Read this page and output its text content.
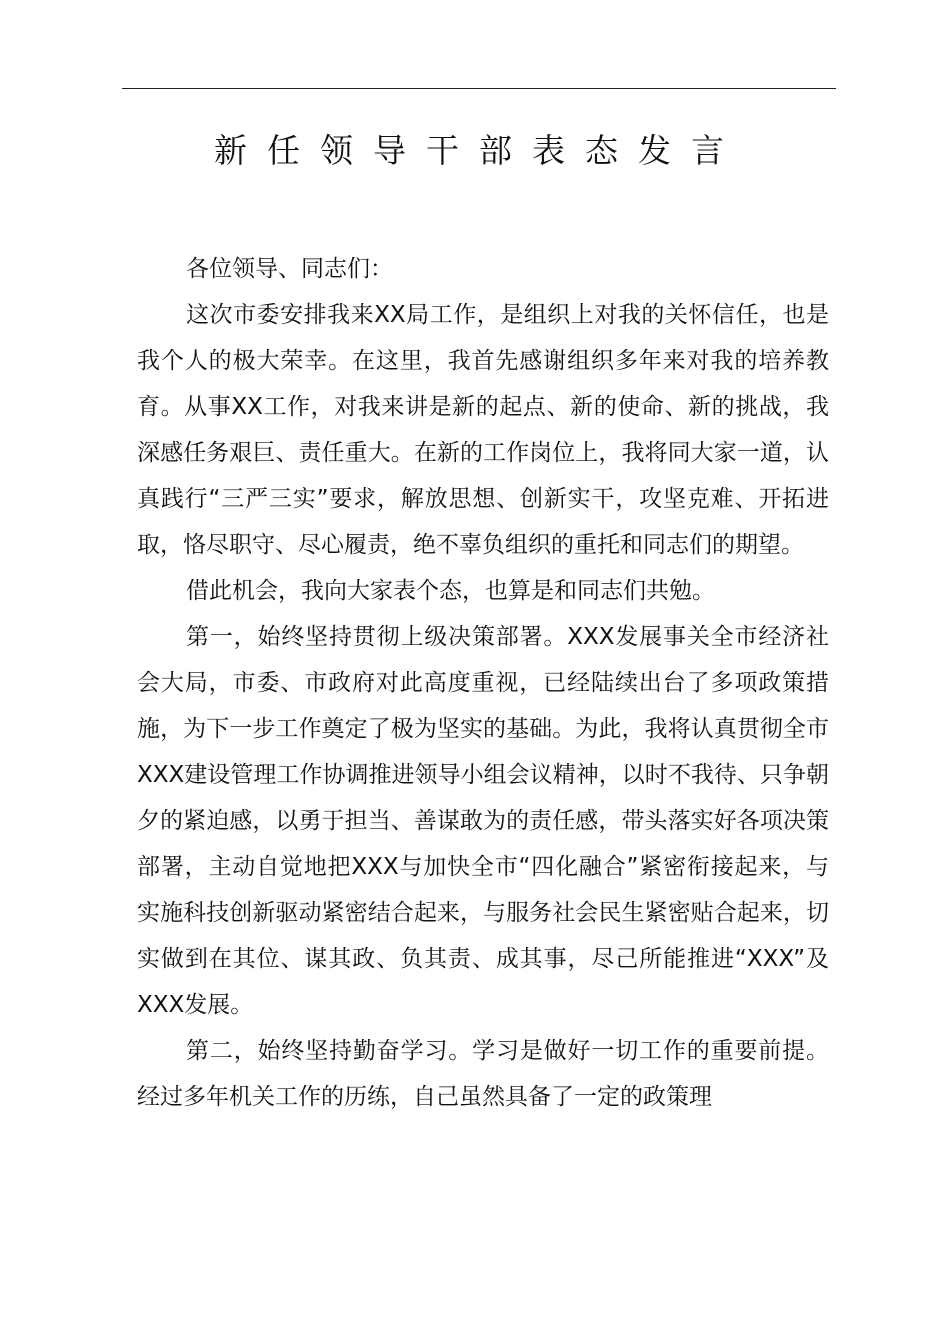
新任领导干部表态发言

各位领导、同志们：

这次市委安排我来XX局工作，是组织上对我的关怀信任，也是我个人的极大荣幸。在这里，我首先感谢组织多年来对我的培养教育。从事XX工作，对我来讲是新的起点、新的使命、新的挑战，我深感任务艰巨、责任重大。在新的工作岗位上，我将同大家一道，认真践行“三严三实”要求，解放思想、创新实干，攻坚克难、开拓进取，恪尽职守、尽心履责，绝不辜负组织的重托和同志们的期望。

借此机会，我向大家表个态，也算是和同志们共勉。

第一，始终坚持贯彻上级决策部署。XXX发展事关全市经济社会大局，市委、市政府对此高度重视，已经陆续出台了多项政策措施，为下一步工作奠定了极为坚实的基础。为此，我将认真贯彻全市XXX建设管理工作协调推进领导小组会议精神，以时不我待、只争朝夕的紧迫感，以勇于担当、善谋敢为的责任感，带头落实好各项决策部署，主动自觉地把XXX与加快全市“四化融合”紧密衔接起来，与实施科技创新驱动紧密结合起来，与服务社会民生紧密贴合起来，切实做到在其位、谋其政、负其责、成其事，尽己所能推进“XXX”及XXX发展。

第二，始终坚持勤奋学习。学习是做好一切工作的重要前提。经过多年机关工作的历练，自己虽然具备了一定的政策理
